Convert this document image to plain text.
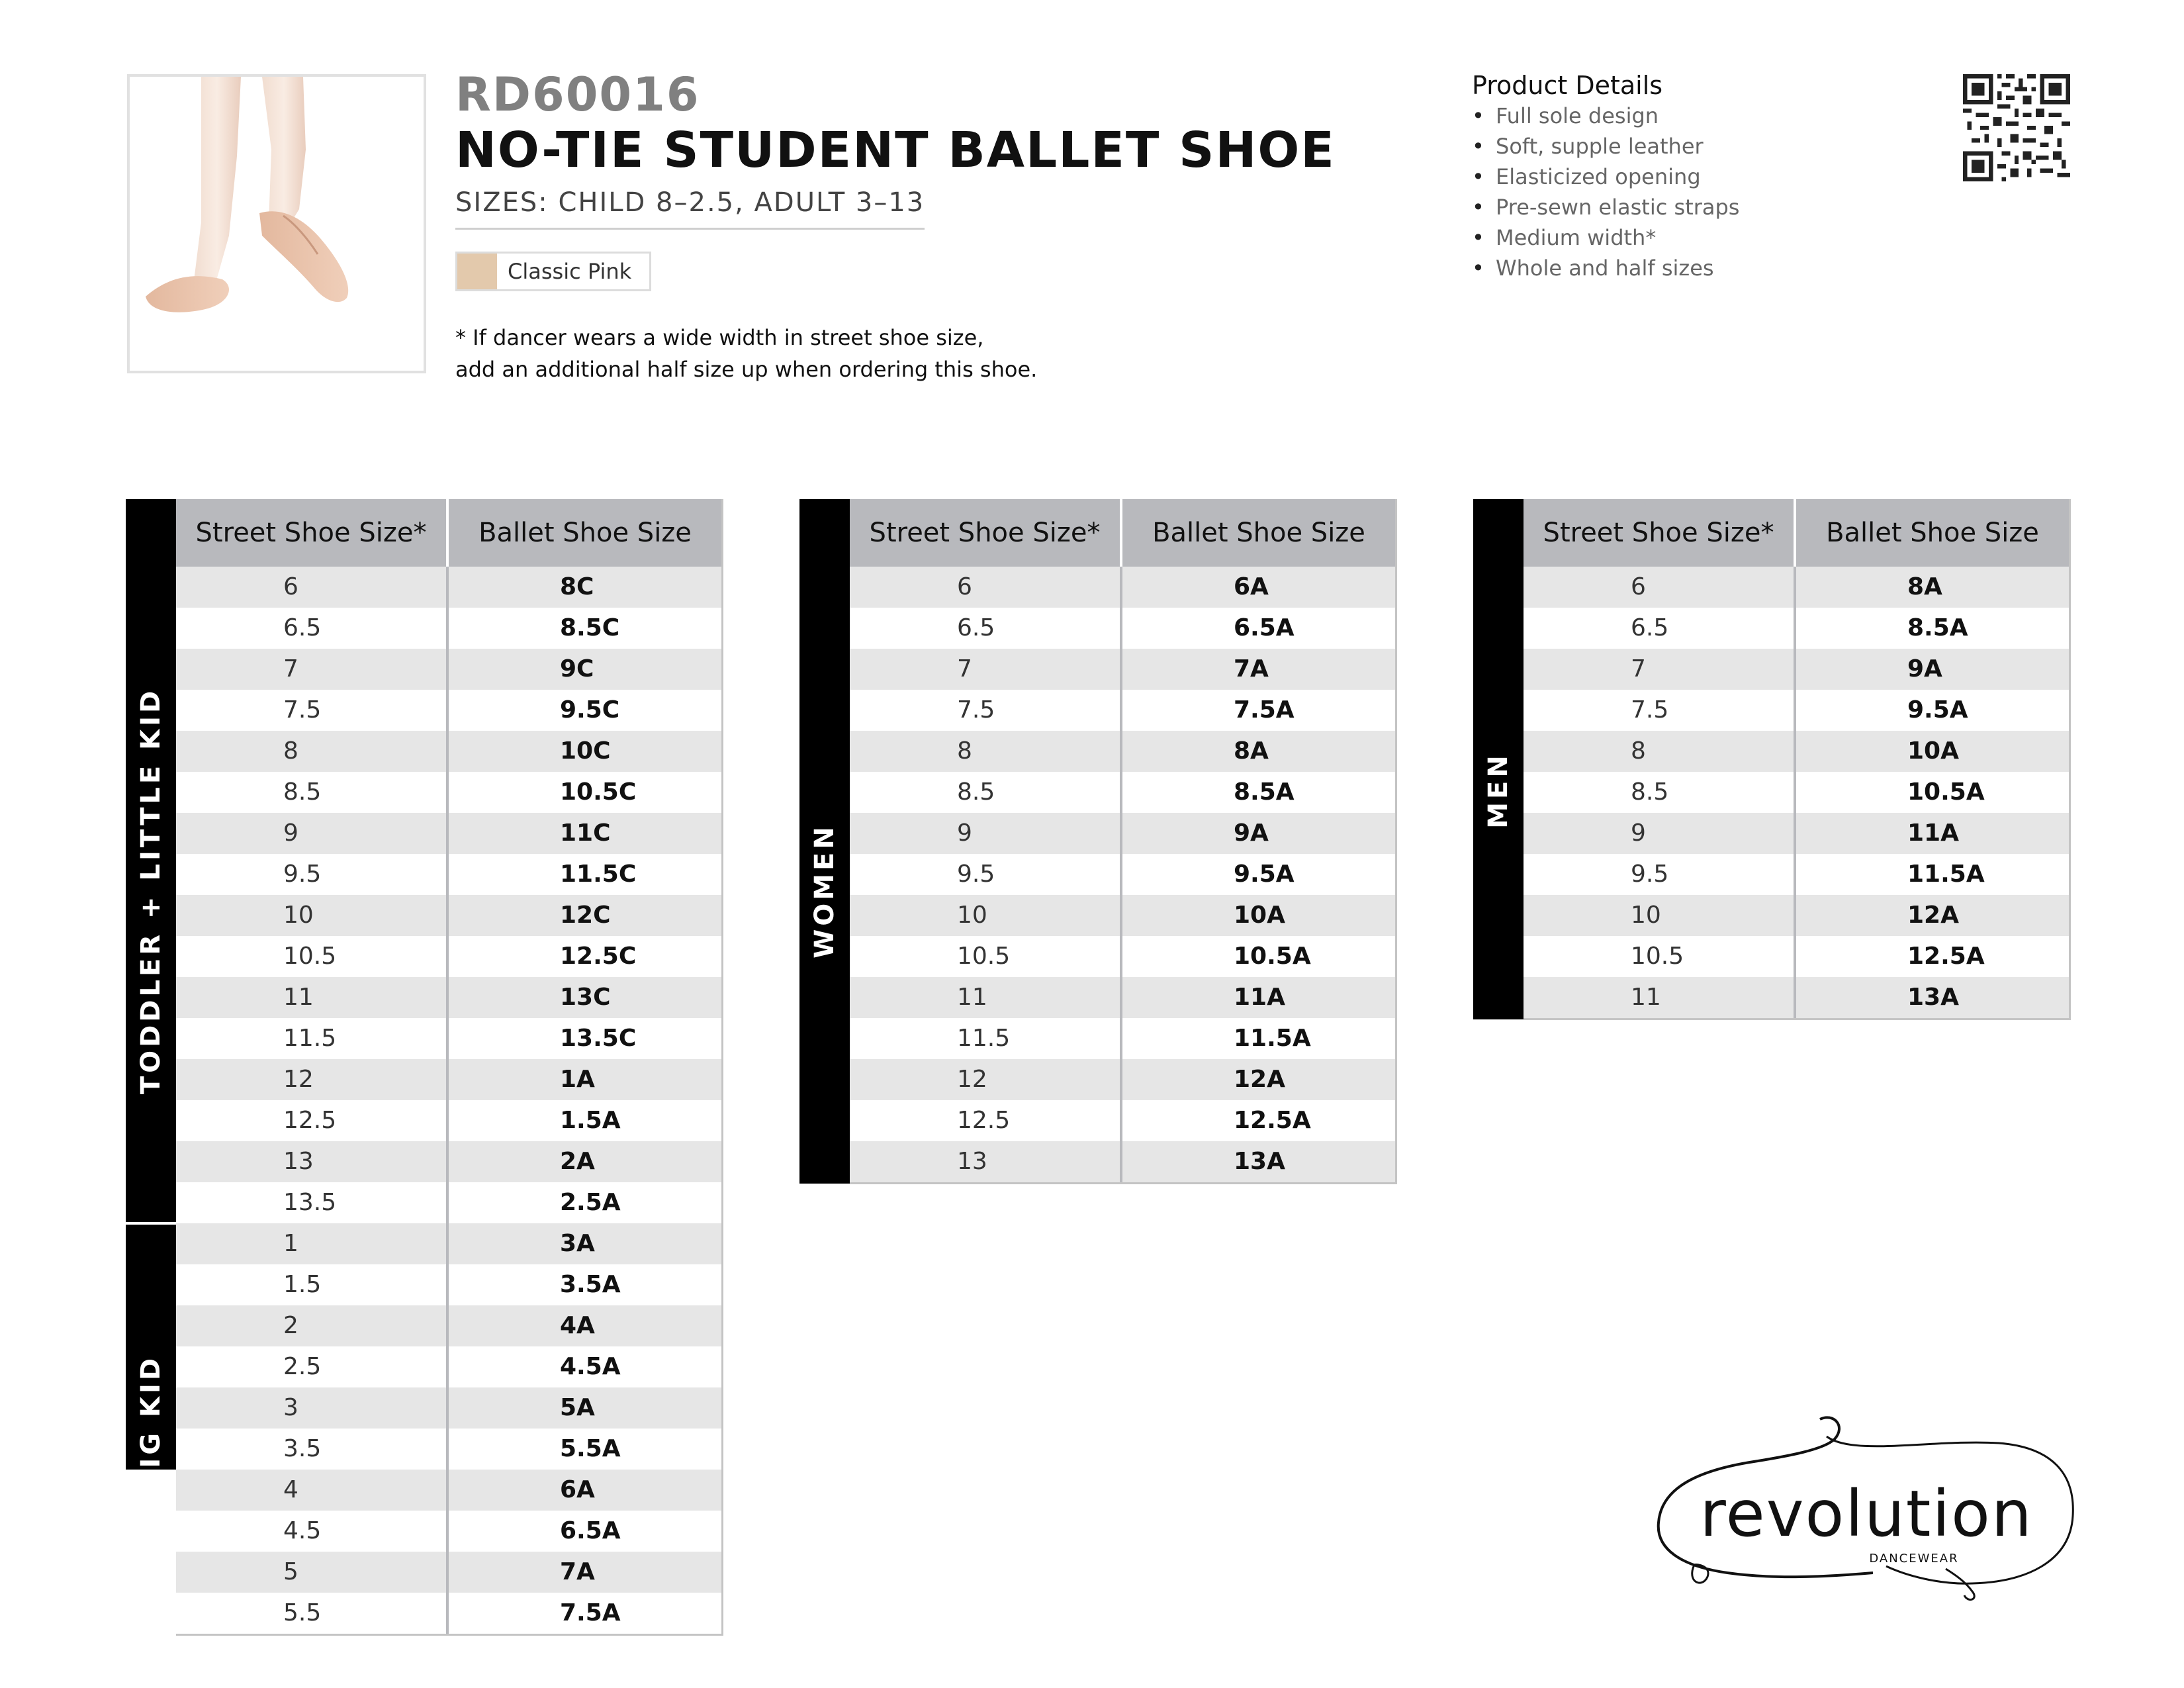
RD60016
NO-TIE STUDENT BALLET SHOE
SIZES: CHILD 8–2.5, ADULT 3–13
Classic Pink
* If dancer wears a wide width in street shoe size,
add an additional half size up when ordering this shoe.
Product Details
• Full sole design
• Soft, supple leather
• Elasticized opening
• Pre-sewn elastic straps
• Medium width*
• Whole and half sizes
TODDLER + LITTLE KID
BIG KID
Street Shoe Size*	Ballet Shoe Size
6	8C
6.5	8.5C
7	9C
7.5	9.5C
8	10C
8.5	10.5C
9	11C
9.5	11.5C
10	12C
10.5	12.5C
11	13C
11.5	13.5C
12	1A
12.5	1.5A
13	2A
13.5	2.5A
1	3A
1.5	3.5A
2	4A
2.5	4.5A
3	5A
3.5	5.5A
4	6A
4.5	6.5A
5	7A
5.5	7.5A
WOMEN
Street Shoe Size*	Ballet Shoe Size
6	6A
6.5	6.5A
7	7A
7.5	7.5A
8	8A
8.5	8.5A
9	9A
9.5	9.5A
10	10A
10.5	10.5A
11	11A
11.5	11.5A
12	12A
12.5	12.5A
13	13A
MEN
Street Shoe Size*	Ballet Shoe Size
6	8A
6.5	8.5A
7	9A
7.5	9.5A
8	10A
8.5	10.5A
9	11A
9.5	11.5A
10	12A
10.5	12.5A
11	13A
revolution
DANCEWEAR
